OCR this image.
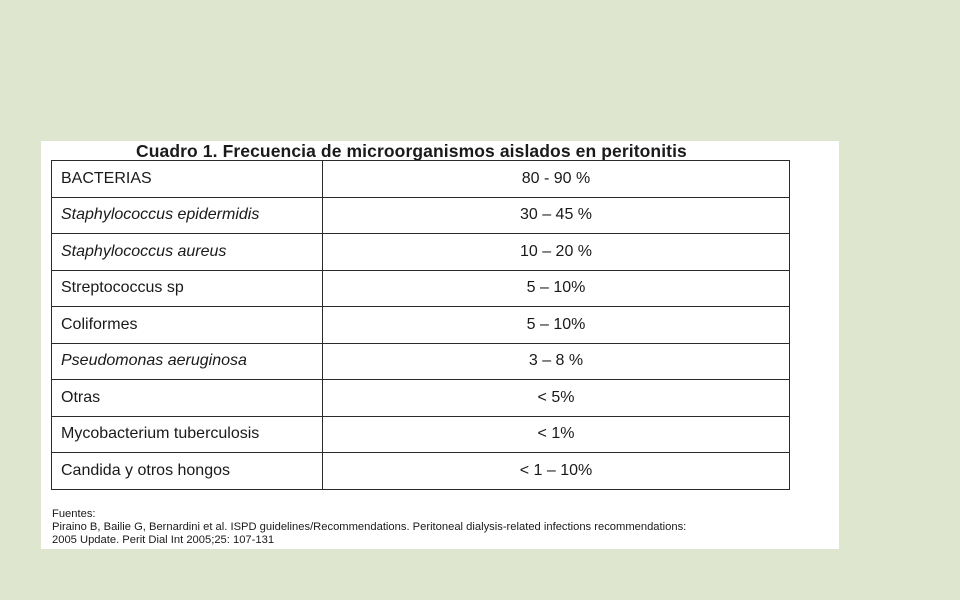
Cuadro 1. Frecuencia de microorganismos aislados en peritonitis
BACTERIAS	80 - 90 %
Staphylococcus epidermidis	30 – 45 %
Staphylococcus aureus	10 – 20 %
Streptococcus sp	5 – 10%
Coliformes	5 – 10%
Pseudomonas aeruginosa	3 – 8 %
Otras	< 5%
Mycobacterium tuberculosis	< 1%
Candida y otros hongos	< 1 – 10%
Fuentes:
Piraino B, Bailie G, Bernardini et al. ISPD guidelines/Recommendations. Peritoneal dialysis-related infections recommendations:
2005 Update. Perit Dial Int 2005;25: 107-131
